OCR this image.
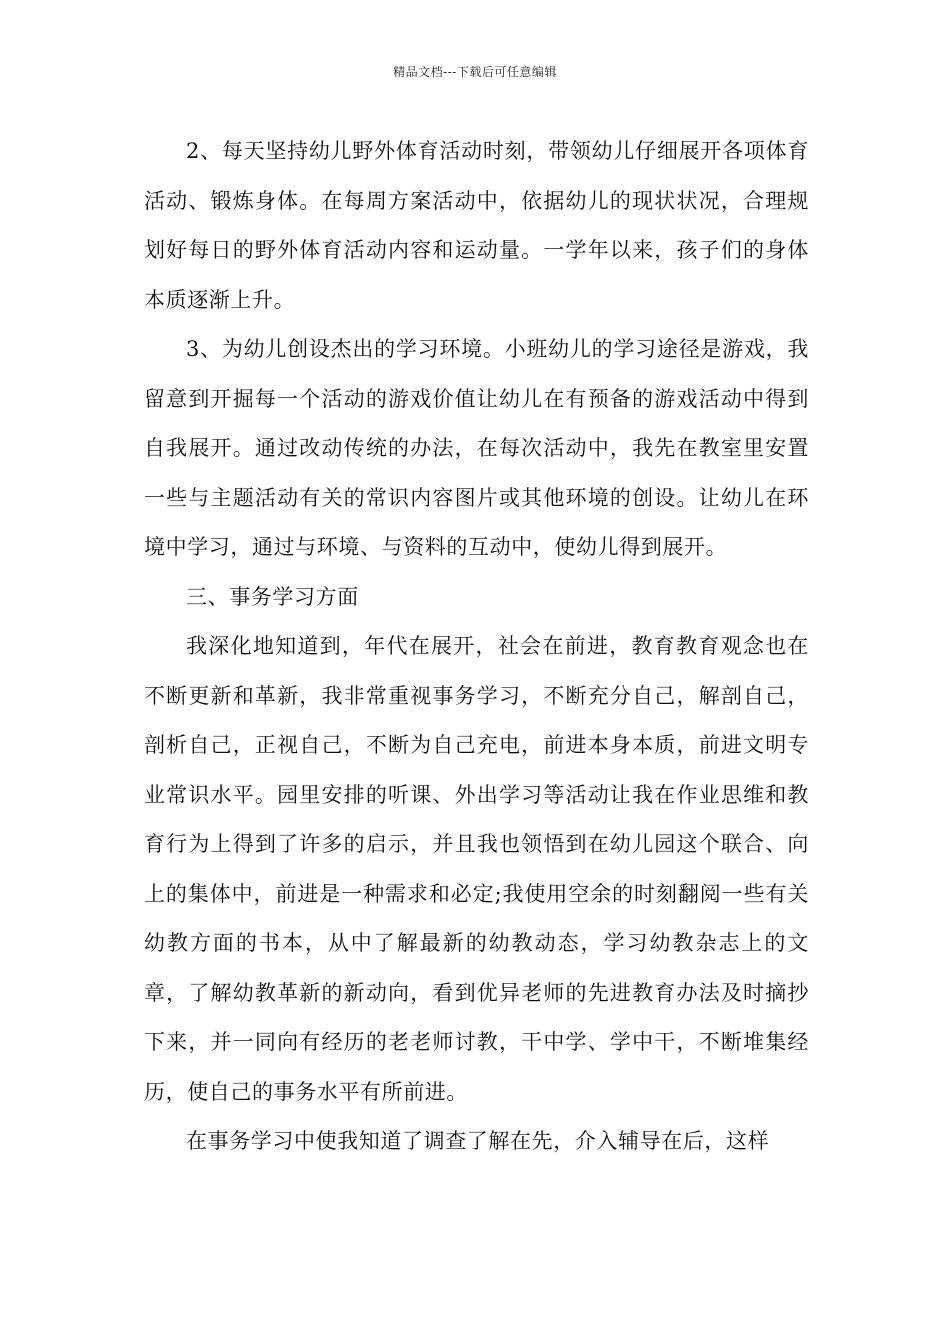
精品文档---下载后可任意编辑

2、每天坚持幼儿野外体育活动时刻，带领幼儿仔细展开各项体育活动、锻炼身体。在每周方案活动中，依据幼儿的现状状况，合理规划好每日的野外体育活动内容和运动量。一学年以来，孩子们的身体本质逐渐上升。

3、为幼儿创设杰出的学习环境。小班幼儿的学习途径是游戏，我留意到开掘每一个活动的游戏价值让幼儿在有预备的游戏活动中得到自我展开。通过改动传统的办法，在每次活动中，我先在教室里安置一些与主题活动有关的常识内容图片或其他环境的创设。让幼儿在环境中学习，通过与环境、与资料的互动中，使幼儿得到展开。

三、事务学习方面

我深化地知道到，年代在展开，社会在前进，教育教育观念也在不断更新和革新，我非常重视事务学习，不断充分自己，解剖自己，剖析自己，正视自己，不断为自己充电，前进本身本质，前进文明专业常识水平。园里安排的听课、外出学习等活动让我在作业思维和教育行为上得到了许多的启示，并且我也领悟到在幼儿园这个联合、向上的集体中，前进是一种需求和必定;我使用空余的时刻翻阅一些有关幼教方面的书本，从中了解最新的幼教动态，学习幼教杂志上的文章，了解幼教革新的新动向，看到优异老师的先进教育办法及时摘抄下来，并一同向有经历的老老师讨教，干中学、学中干，不断堆集经历，使自己的事务水平有所前进。

在事务学习中使我知道了调查了解在先，介入辅导在后，这样
